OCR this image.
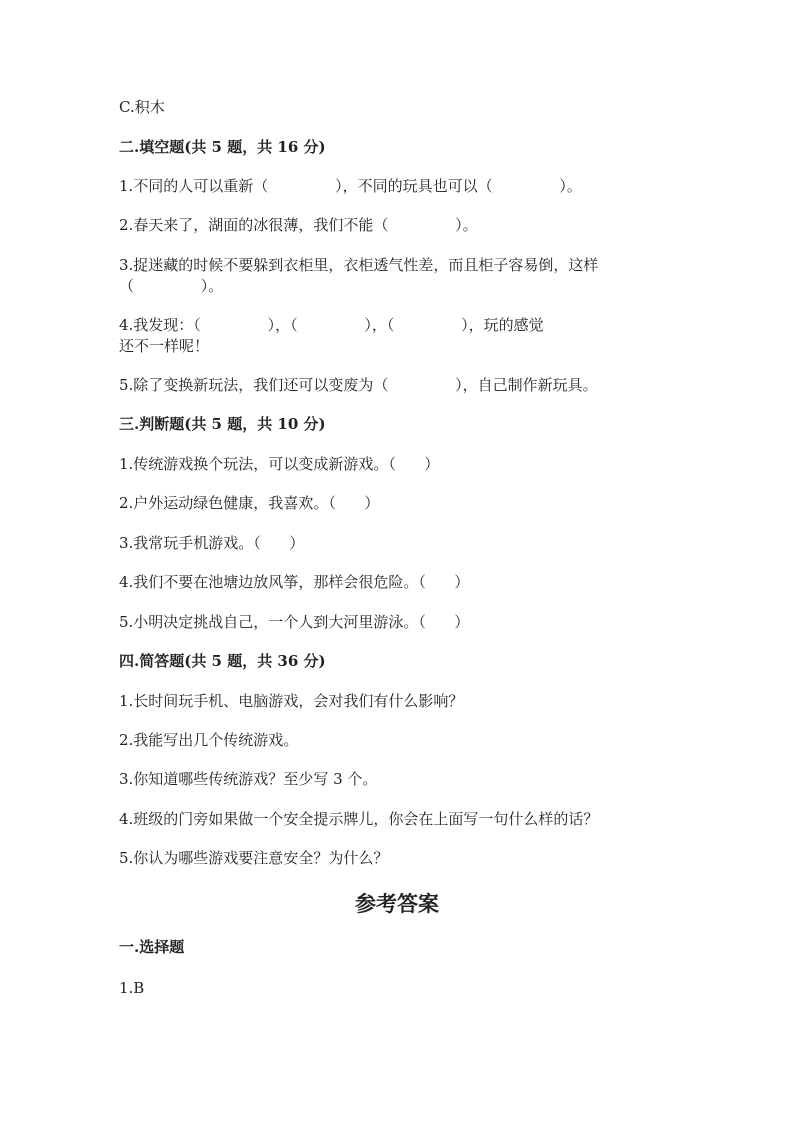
C.积木
二.填空题(共 5 题，共 16 分)
1.不同的人可以重新（              ），不同的玩具也可以（              ）。
2.春天来了，湖面的冰很薄，我们不能（              ）。
3.捉迷藏的时候不要躲到衣柜里，衣柜透气性差，而且柜子容易倒，这样
（              ）。
4.我发现：（              ），（              ），（              ），玩的感觉
还不一样呢！
5.除了变换新玩法，我们还可以变废为（              ），自己制作新玩具。
三.判断题(共 5 题，共 10 分)
1.传统游戏换个玩法，可以变成新游戏。（      ）
2.户外运动绿色健康，我喜欢。（      ）
3.我常玩手机游戏。（      ）
4.我们不要在池塘边放风筝，那样会很危险。（      ）
5.小明决定挑战自己，一个人到大河里游泳。（      ）
四.简答题(共 5 题，共 36 分)
1.长时间玩手机、电脑游戏，会对我们有什么影响？
2.我能写出几个传统游戏。
3.你知道哪些传统游戏？至少写 3 个。
4.班级的门旁如果做一个安全提示牌儿，你会在上面写一句什么样的话？
5.你认为哪些游戏要注意安全？为什么？
参考答案
一.选择题
1.B
